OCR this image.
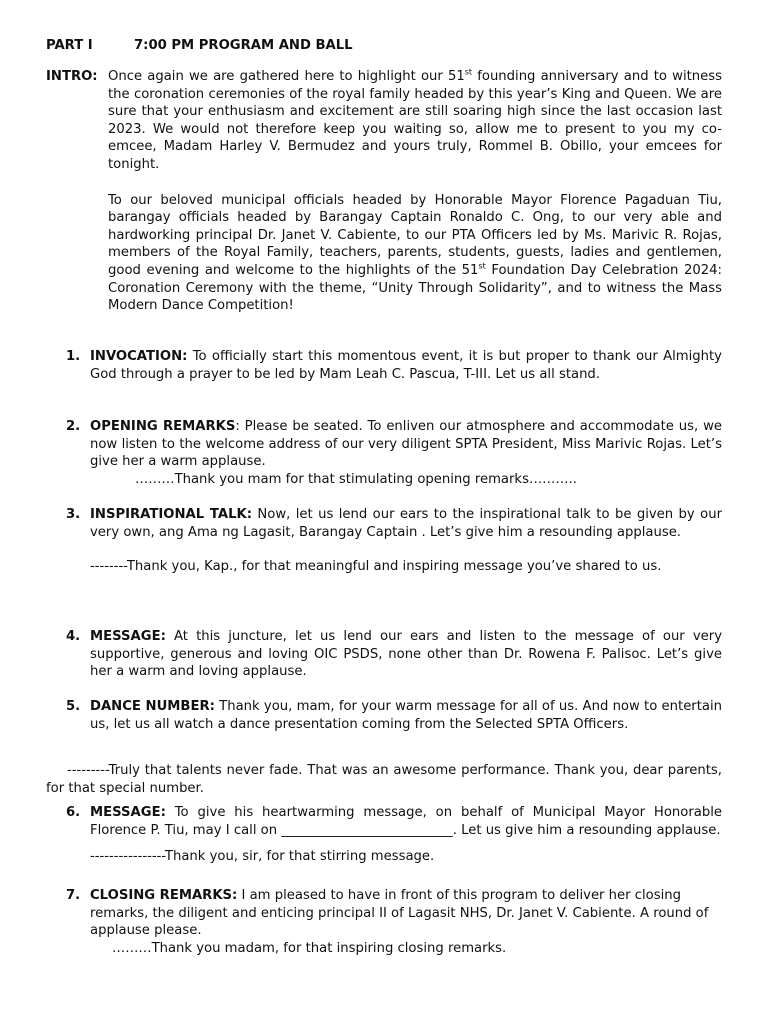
PART I	7:00 PM PROGRAM AND BALL
INTRO: Once again we are gathered here to highlight our 51st founding anniversary and to witness the coronation ceremonies of the royal family headed by this year’s King and Queen. We are sure that your enthusiasm and excitement are still soaring high since the last occasion last 2023. We would not therefore keep you waiting so, allow me to present to you my co-emcee, Madam Harley V. Bermudez and yours truly, Rommel B. Obillo, your emcees for tonight.

To our beloved municipal officials headed by Honorable Mayor Florence Pagaduan Tiu, barangay officials headed by Barangay Captain Ronaldo C. Ong, to our very able and hardworking principal Dr. Janet V. Cabiente, to our PTA Officers led by Ms. Marivic R. Rojas, members of the Royal Family, teachers, parents, students, guests, ladies and gentlemen, good evening and welcome to the highlights of the 51st Foundation Day Celebration 2024: Coronation Ceremony with the theme, “Unity Through Solidarity”, and to witness the Mass Modern Dance Competition!

1. INVOCATION: To officially start this momentous event, it is but proper to thank our Almighty God through a prayer to be led by Mam Leah C. Pascua, T-III. Let us all stand.
2. OPENING REMARKS: Please be seated. To enliven our atmosphere and accommodate us, we now listen to the welcome address of our very diligent SPTA President, Miss Marivic Rojas. Let’s give her a warm applause.
………Thank you mam for that stimulating opening remarks………..
3. INSPIRATIONAL TALK: Now, let us lend our ears to the inspirational talk to be given by our very own, ang Ama ng Lagasit, Barangay Captain . Let’s give him a resounding applause.
--------Thank you, Kap., for that meaningful and inspiring message you’ve shared to us.
4. MESSAGE: At this juncture, let us lend our ears and listen to the message of our very supportive, generous and loving OIC PSDS, none other than Dr. Rowena F. Palisoc. Let’s give her a warm and loving applause.
5. DANCE NUMBER: Thank you, mam, for your warm message for all of us. And now to entertain us, let us all watch a dance presentation coming from the Selected SPTA Officers.
---------Truly that talents never fade. That was an awesome performance. Thank you, dear parents, for that special number.
6. MESSAGE: To give his heartwarming message, on behalf of Municipal Mayor Honorable Florence P. Tiu, may I call on __________________________. Let us give him a resounding applause.
----------------Thank you, sir, for that stirring message.
7. CLOSING REMARKS: I am pleased to have in front of this program to deliver her closing remarks, the diligent and enticing principal II of Lagasit NHS, Dr. Janet V. Cabiente. A round of applause please.
………Thank you madam, for that inspiring closing remarks.
